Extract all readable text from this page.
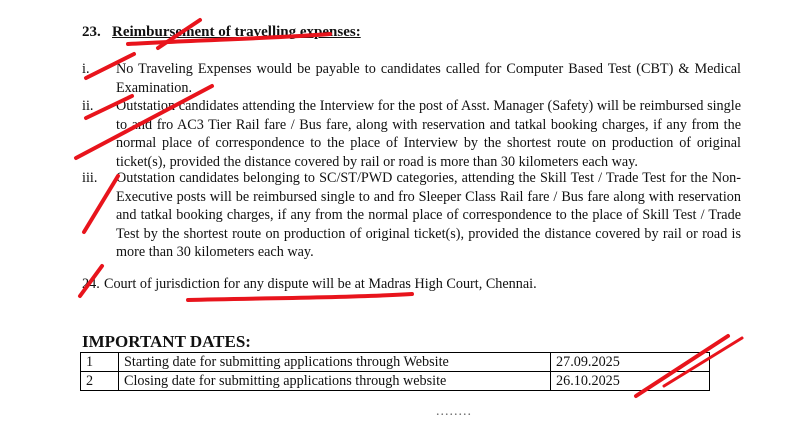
23. Reimbursement of travelling expenses:
i.	No Traveling Expenses would be payable to candidates called for Computer Based Test (CBT) & Medical Examination.
ii.	Outstation candidates attending the Interview for the post of Asst. Manager (Safety) will be reimbursed single to and fro AC3 Tier Rail fare / Bus fare, along with reservation and tatkal booking charges, if any from the normal place of correspondence to the place of Interview by the shortest route on production of original ticket(s), provided the distance covered by rail or road is more than 30 kilometers each way.
iii.	Outstation candidates belonging to SC/ST/PWD categories, attending the Skill Test / Trade Test for the Non-Executive posts will be reimbursed single to and fro Sleeper Class Rail fare / Bus fare along with reservation and tatkal booking charges, if any from the normal place of correspondence to the place of Skill Test / Trade Test by the shortest route on production of original ticket(s), provided the distance covered by rail or road is more than 30 kilometers each way.
24. Court of jurisdiction for any dispute will be at Madras High Court, Chennai.
IMPORTANT DATES:
1	Starting date for submitting applications through Website	27.09.2025
2	Closing date for submitting applications through website	26.10.2025
........
